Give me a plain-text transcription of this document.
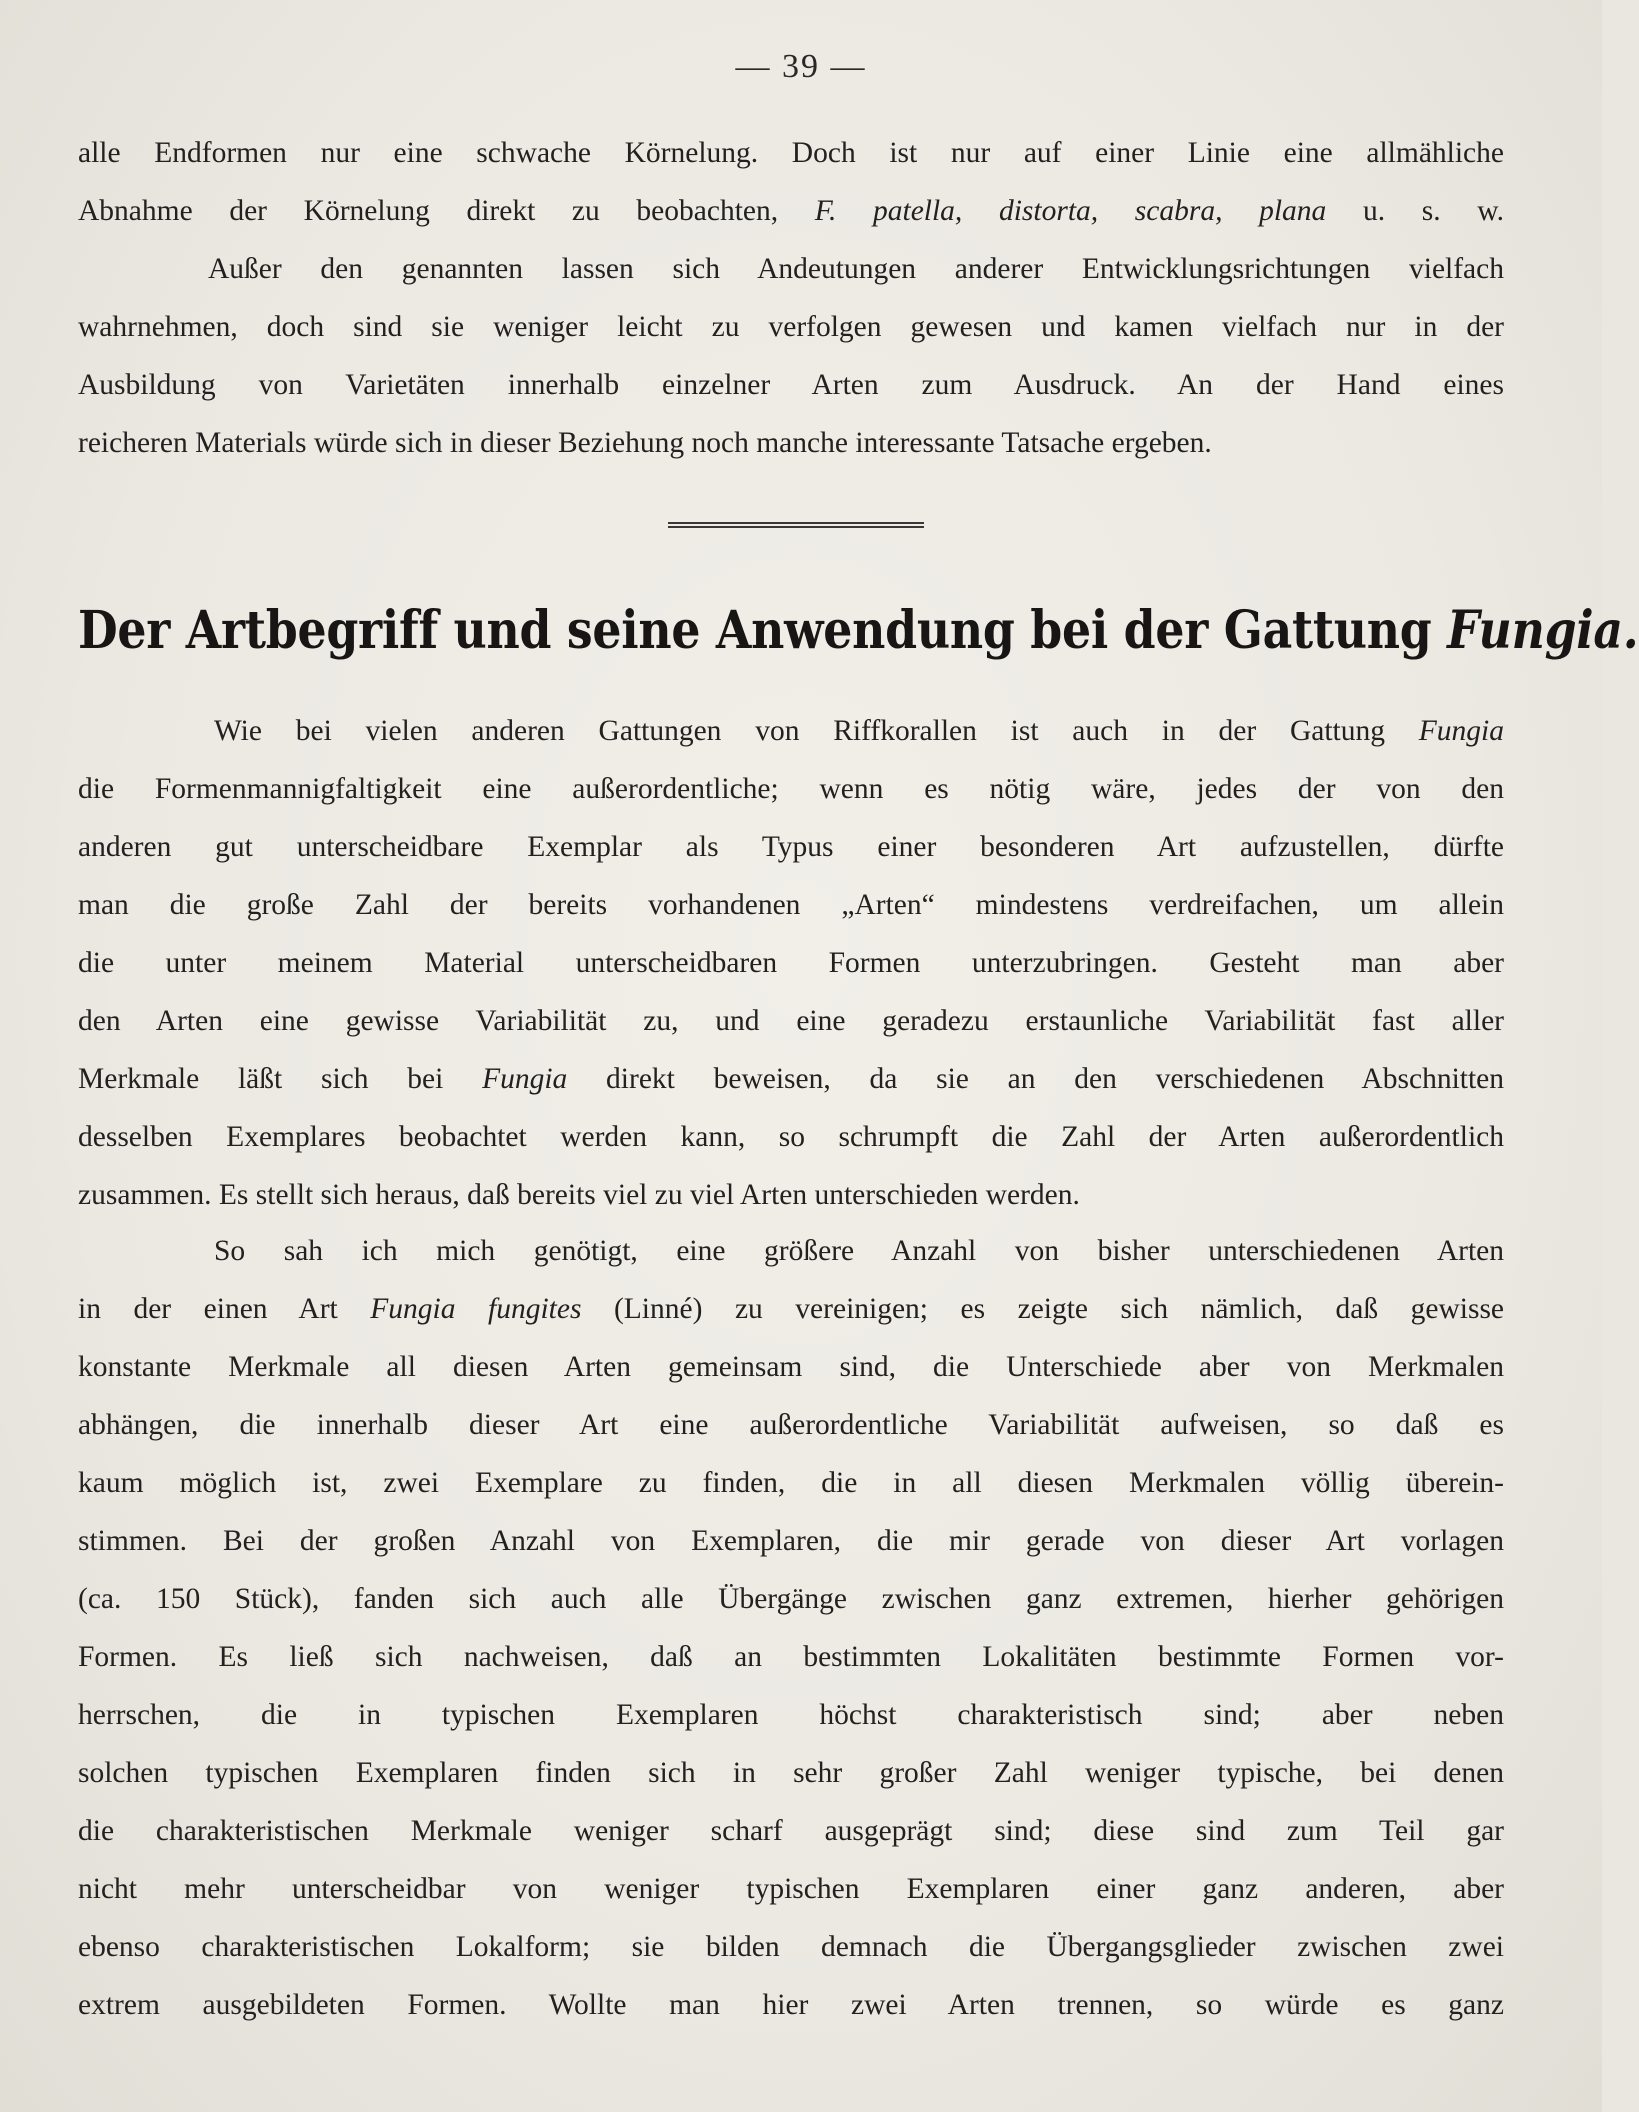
— 39 —
alle Endformen nur eine schwache Körnelung. Doch ist nur auf einer Linie eine allmähliche
Abnahme der Körnelung direkt zu beobachten, F. patella, distorta, scabra, plana u. s. w.
Außer den genannten lassen sich Andeutungen anderer Entwicklungsrichtungen vielfach
wahrnehmen, doch sind sie weniger leicht zu verfolgen gewesen und kamen vielfach nur in der
Ausbildung von Varietäten innerhalb einzelner Arten zum Ausdruck. An der Hand eines
reicheren Materials würde sich in dieser Beziehung noch manche interessante Tatsache ergeben.
Der Artbegriff und seine Anwendung bei der Gattung Fungia.
Wie bei vielen anderen Gattungen von Riffkorallen ist auch in der Gattung Fungia
die Formenmannigfaltigkeit eine außerordentliche; wenn es nötig wäre, jedes der von den
anderen gut unterscheidbare Exemplar als Typus einer besonderen Art aufzustellen, dürfte
man die große Zahl der bereits vorhandenen „Arten“ mindestens verdreifachen, um allein
die unter meinem Material unterscheidbaren Formen unterzubringen. Gesteht man aber
den Arten eine gewisse Variabilität zu, und eine geradezu erstaunliche Variabilität fast aller
Merkmale läßt sich bei Fungia direkt beweisen, da sie an den verschiedenen Abschnitten
desselben Exemplares beobachtet werden kann, so schrumpft die Zahl der Arten außerordentlich
zusammen. Es stellt sich heraus, daß bereits viel zu viel Arten unterschieden werden.
So sah ich mich genötigt, eine größere Anzahl von bisher unterschiedenen Arten
in der einen Art Fungia fungites (Linné) zu vereinigen; es zeigte sich nämlich, daß gewisse
konstante Merkmale all diesen Arten gemeinsam sind, die Unterschiede aber von Merkmalen
abhängen, die innerhalb dieser Art eine außerordentliche Variabilität aufweisen, so daß es
kaum möglich ist, zwei Exemplare zu finden, die in all diesen Merkmalen völlig überein-
stimmen. Bei der großen Anzahl von Exemplaren, die mir gerade von dieser Art vorlagen
(ca. 150 Stück), fanden sich auch alle Übergänge zwischen ganz extremen, hierher gehörigen
Formen. Es ließ sich nachweisen, daß an bestimmten Lokalitäten bestimmte Formen vor-
herrschen, die in typischen Exemplaren höchst charakteristisch sind; aber neben
solchen typischen Exemplaren finden sich in sehr großer Zahl weniger typische, bei denen
die charakteristischen Merkmale weniger scharf ausgeprägt sind; diese sind zum Teil gar
nicht mehr unterscheidbar von weniger typischen Exemplaren einer ganz anderen, aber
ebenso charakteristischen Lokalform; sie bilden demnach die Übergangsglieder zwischen zwei
extrem ausgebildeten Formen. Wollte man hier zwei Arten trennen, so würde es ganz
